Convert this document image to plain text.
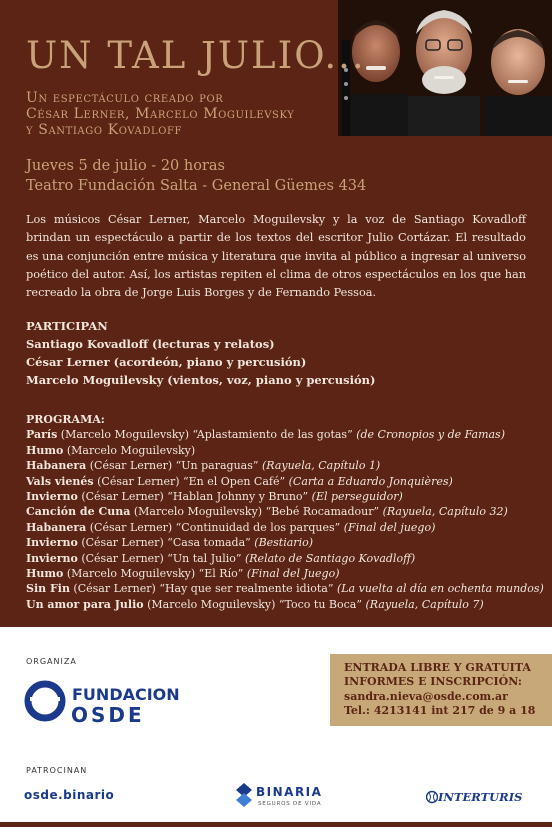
UN TAL JULIO...
Un espectáculo creado por
César Lerner, Marcelo Moguilevsky
y Santiago Kovadloff
Jueves 5 de julio - 20 horas
Teatro Fundación Salta - General Güemes 434
Los músicos César Lerner, Marcelo Moguilevsky y la voz de Santiago Kovadloff brindan un espectáculo a partir de los textos del escritor Julio Cortázar. El resultado es una conjunción entre música y literatura que invita al público a ingresar al universo poético del autor. Así, los artistas repiten el clima de otros espectáculos en los que han recreado la obra de Jorge Luis Borges y de Fernando Pessoa.
PARTICIPAN
Santiago Kovadloff (lecturas y relatos)
César Lerner (acordeón, piano y percusión)
Marcelo Moguilevsky (vientos, voz, piano y percusión)
PROGRAMA:
París (Marcelo Moguilevsky) “Aplastamiento de las gotas” (de Cronopios y de Famas)
Humo (Marcelo Moguilevsky)
Habanera (César Lerner) “Un paraguas” (Rayuela, Capítulo 1)
Vals vienés (César Lerner) “En el Open Café” (Carta a Eduardo Jonquières)
Invierno (César Lerner) “Hablan Johnny y Bruno” (El perseguidor)
Canción de Cuna (Marcelo Moguilevsky) “Bebé Rocamadour” (Rayuela, Capítulo 32)
Habanera (César Lerner) “Continuidad de los parques” (Final del juego)
Invierno (César Lerner) “Casa tomada” (Bestiario)
Invierno (César Lerner) “Un tal Julio” (Relato de Santiago Kovadloff)
Humo (Marcelo Moguilevsky) “El Río” (Final del Juego)
Sin Fin (César Lerner) “Hay que ser realmente idiota” (La vuelta al día en ochenta mundos)
Un amor para Julio (Marcelo Moguilevsky) “Toco tu Boca” (Rayuela, Capítulo 7)
ORGANIZA
FUNDACION
OSDE
ENTRADA LIBRE Y GRATUITA
INFORMES E INSCRIPCIÓN:
sandra.nieva@osde.com.ar
Tel.: 4213141 int 217 de 9 a 18
PATROCINAN
osde.binario	BINARIA
SEGUROS DE VIDA	INTERTURIS
